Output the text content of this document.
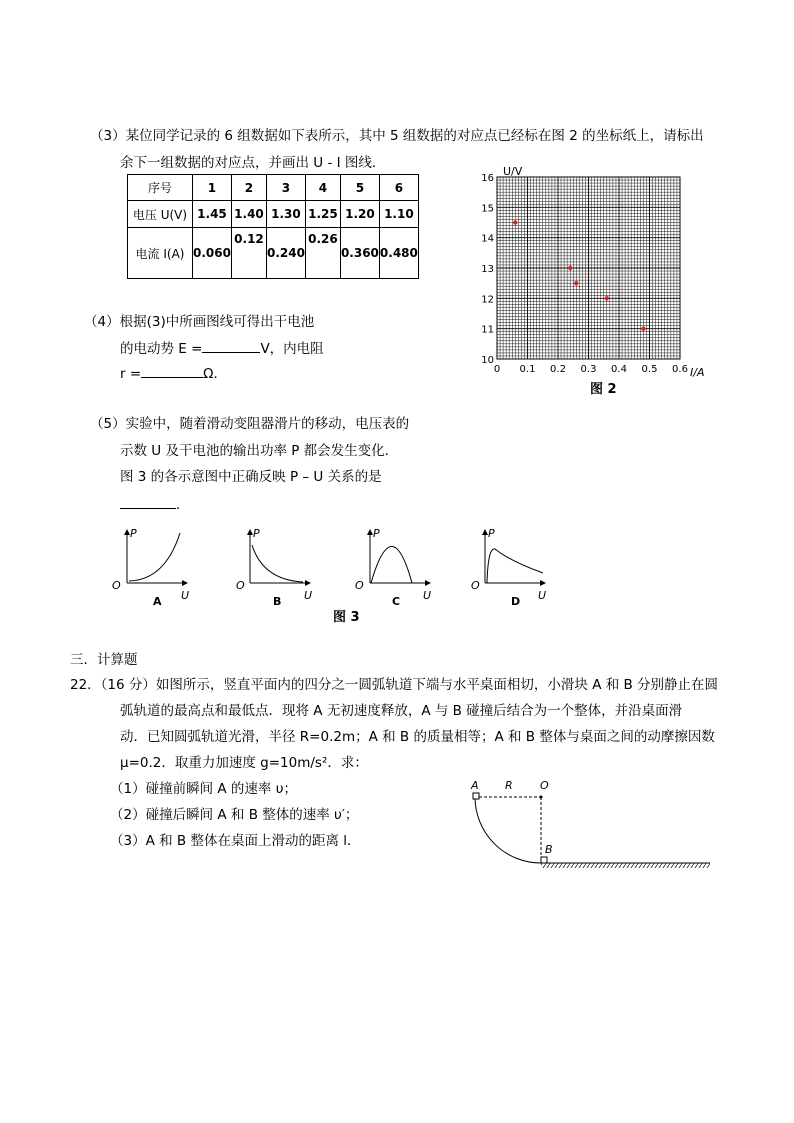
（3）某位同学记录的 6 组数据如下表所示，其中 5 组数据的对应点已经标在图 2 的坐标纸上，请标出
余下一组数据的对应点，并画出 U - I 图线．
序号	1	2	3	4	5	6
电压 U(V)	1.45	1.40	1.30	1.25	1.20	1.10
电流 I(A)	0.060	0.12	0.240	0.26	0.360	0.480
0 0.1 0.2 0.3 0.4 0.5 0.6
10
11
12
13
14
15
16
U/V
I/A
图 2
（4）根据(3)中所画图线可得出干电池
的电动势 E =	V，内电阻
r =	Ω．
（5）实验中，随着滑动变阻器滑片的移动，电压表的
示数 U 及干电池的输出功率 P 都会发生变化．
图 3 的各示意图中正确反映 P – U 关系的是
．
P
U
O
A
P
U
O
B
P
U
O
C
P
U
O
D
图 3
三．计算题
22．（16 分）如图所示，竖直平面内的四分之一圆弧轨道下端与水平桌面相切，小滑块 A 和 B 分别静止在圆
弧轨道的最高点和最低点．现将 A 无初速度释放，A 与 B 碰撞后结合为一个整体，并沿桌面滑
动．已知圆弧轨道光滑，半径 R=0.2m；A 和 B 的质量相等；A 和 B 整体与桌面之间的动摩擦因数
μ=0.2．取重力加速度 g=10m/s²．求：
（1）碰撞前瞬间 A 的速率 υ；
（2）碰撞后瞬间 A 和 B 整体的速率 υ′；
（3）A 和 B 整体在桌面上滑动的距离 l．
A R O
B
